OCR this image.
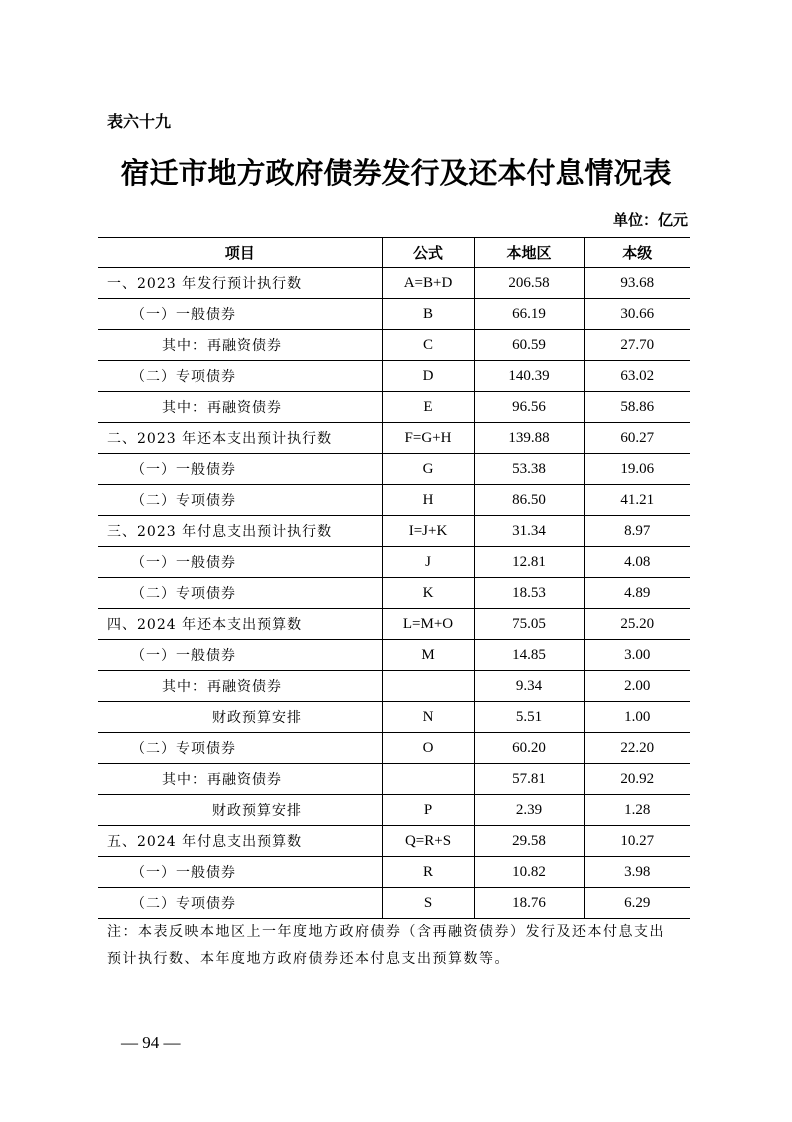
表六十九
宿迁市地方政府债券发行及还本付息情况表
单位：亿元
项目	公式	本地区	本级
一、2023 年发行预计执行数	A=B+D	206.58	93.68
（一）一般债券	B	66.19	30.66
其中：再融资债券	C	60.59	27.70
（二）专项债券	D	140.39	63.02
其中：再融资债券	E	96.56	58.86
二、2023 年还本支出预计执行数	F=G+H	139.88	60.27
（一）一般债券	G	53.38	19.06
（二）专项债券	H	86.50	41.21
三、2023 年付息支出预计执行数	I=J+K	31.34	8.97
（一）一般债券	J	12.81	4.08
（二）专项债券	K	18.53	4.89
四、2024 年还本支出预算数	L=M+O	75.05	25.20
（一）一般债券	M	14.85	3.00
其中：再融资债券		9.34	2.00
财政预算安排	N	5.51	1.00
（二）专项债券	O	60.20	22.20
其中：再融资债券		57.81	20.92
财政预算安排	P	2.39	1.28
五、2024 年付息支出预算数	Q=R+S	29.58	10.27
（一）一般债券	R	10.82	3.98
（二）专项债券	S	18.76	6.29
注：本表反映本地区上一年度地方政府债券（含再融资债券）发行及还本付息支出
预计执行数、本年度地方政府债券还本付息支出预算数等。
— 94 —
